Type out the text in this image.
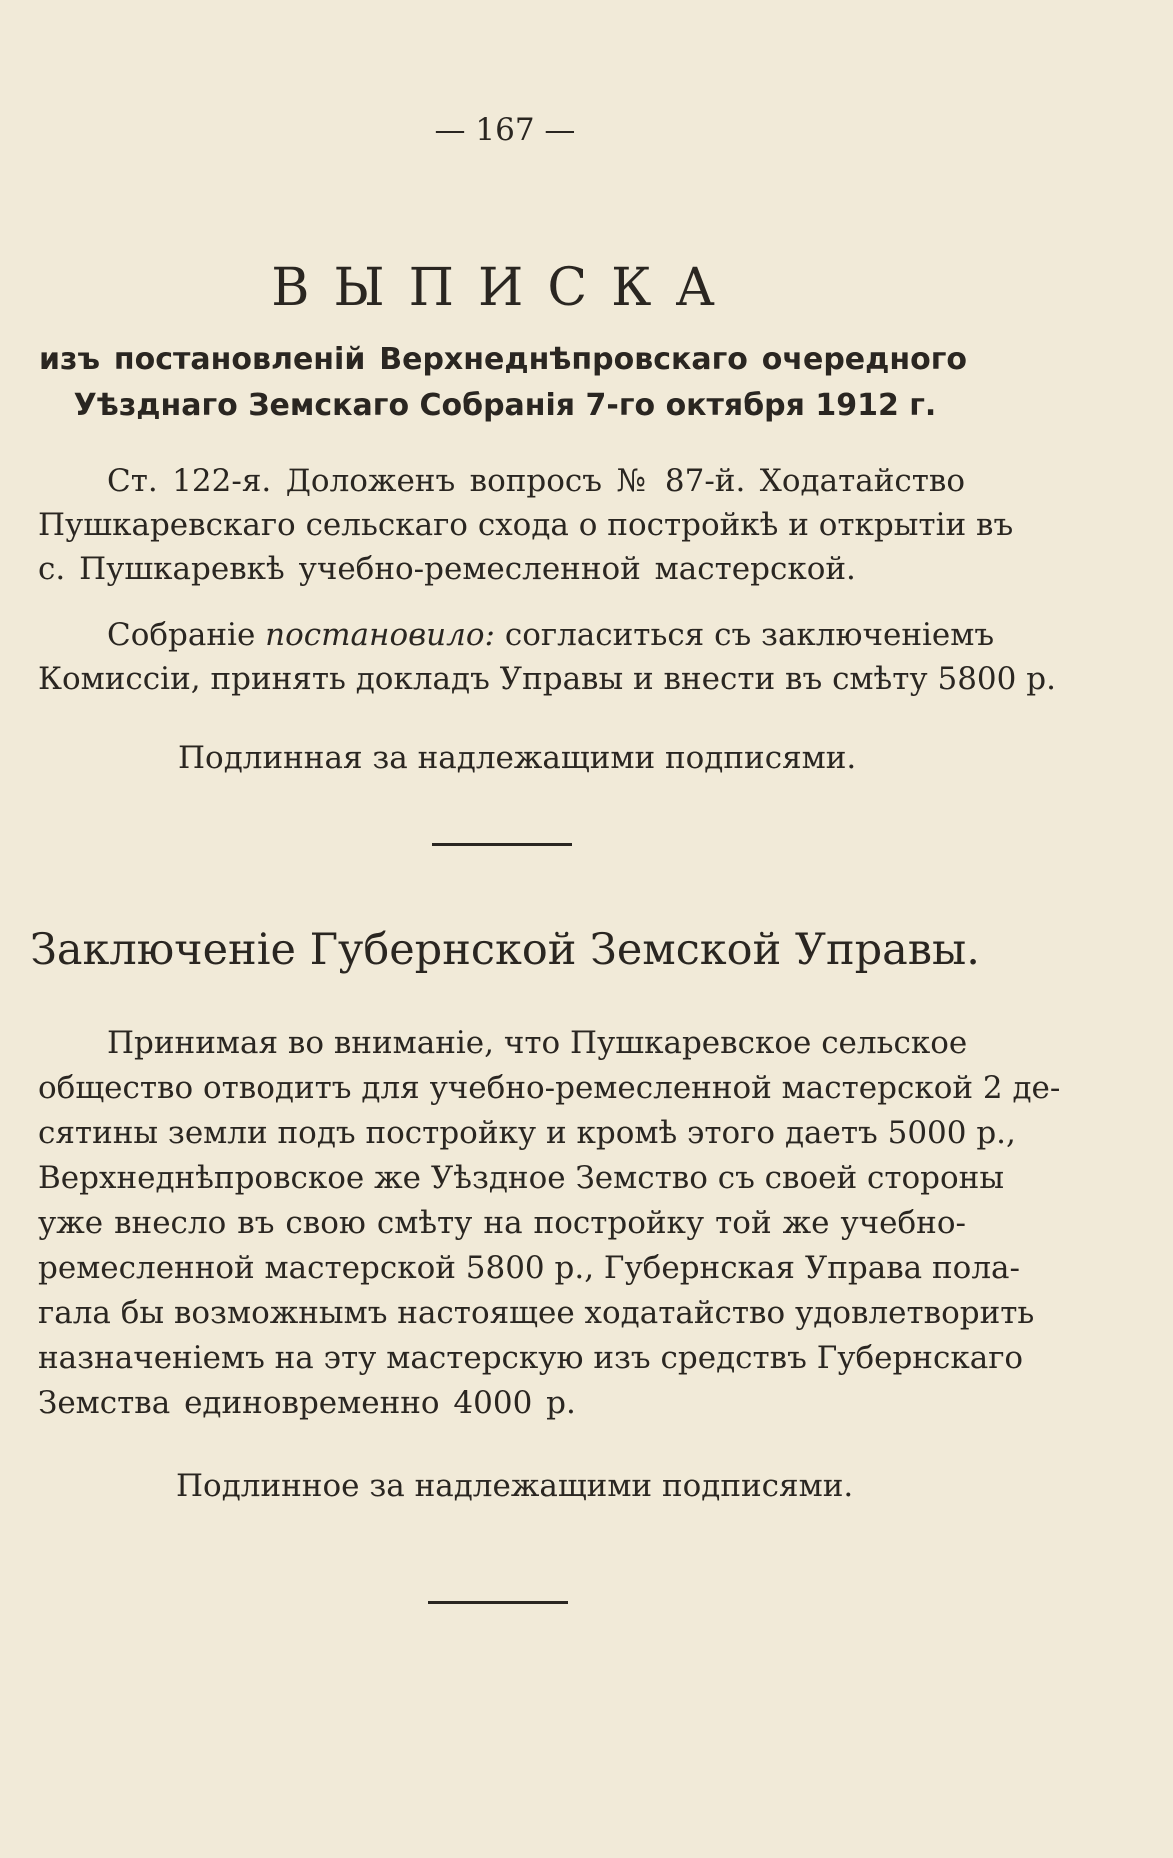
— 167 —
ВЫПИСКА
изъ постановленій Верхнеднѣпровскаго очередного
Уѣзднаго Земскаго Собранія 7-го октября 1912 г.
Ст. 122-я. Доложенъ вопросъ № 87-й. Ходатайство
Пушкаревскаго сельскаго схода о постройкѣ и открытіи въ
с. Пушкаревкѣ учебно-ремесленной мастерской.
Собраніе постановило: согласиться съ заключеніемъ
Комиссіи, принять докладъ Управы и внести въ смѣту 5800 р.
Подлинная за надлежащими подписями.
Заключеніе Губернской Земской Управы.
Принимая во вниманіе, что Пушкаревское сельское
общество отводитъ для учебно-ремесленной мастерской 2 де-
сятины земли подъ постройку и кромѣ этого даетъ 5000 р.,
Верхнеднѣпровское же Уѣздное Земство съ своей стороны
уже внесло въ свою смѣту на постройку той же учебно-
ремесленной мастерской 5800 р., Губернская Управа пола-
гала бы возможнымъ настоящее ходатайство удовлетворить
назначеніемъ на эту мастерскую изъ средствъ Губернскаго
Земства единовременно 4000 р.
Подлинное за надлежащими подписями.
